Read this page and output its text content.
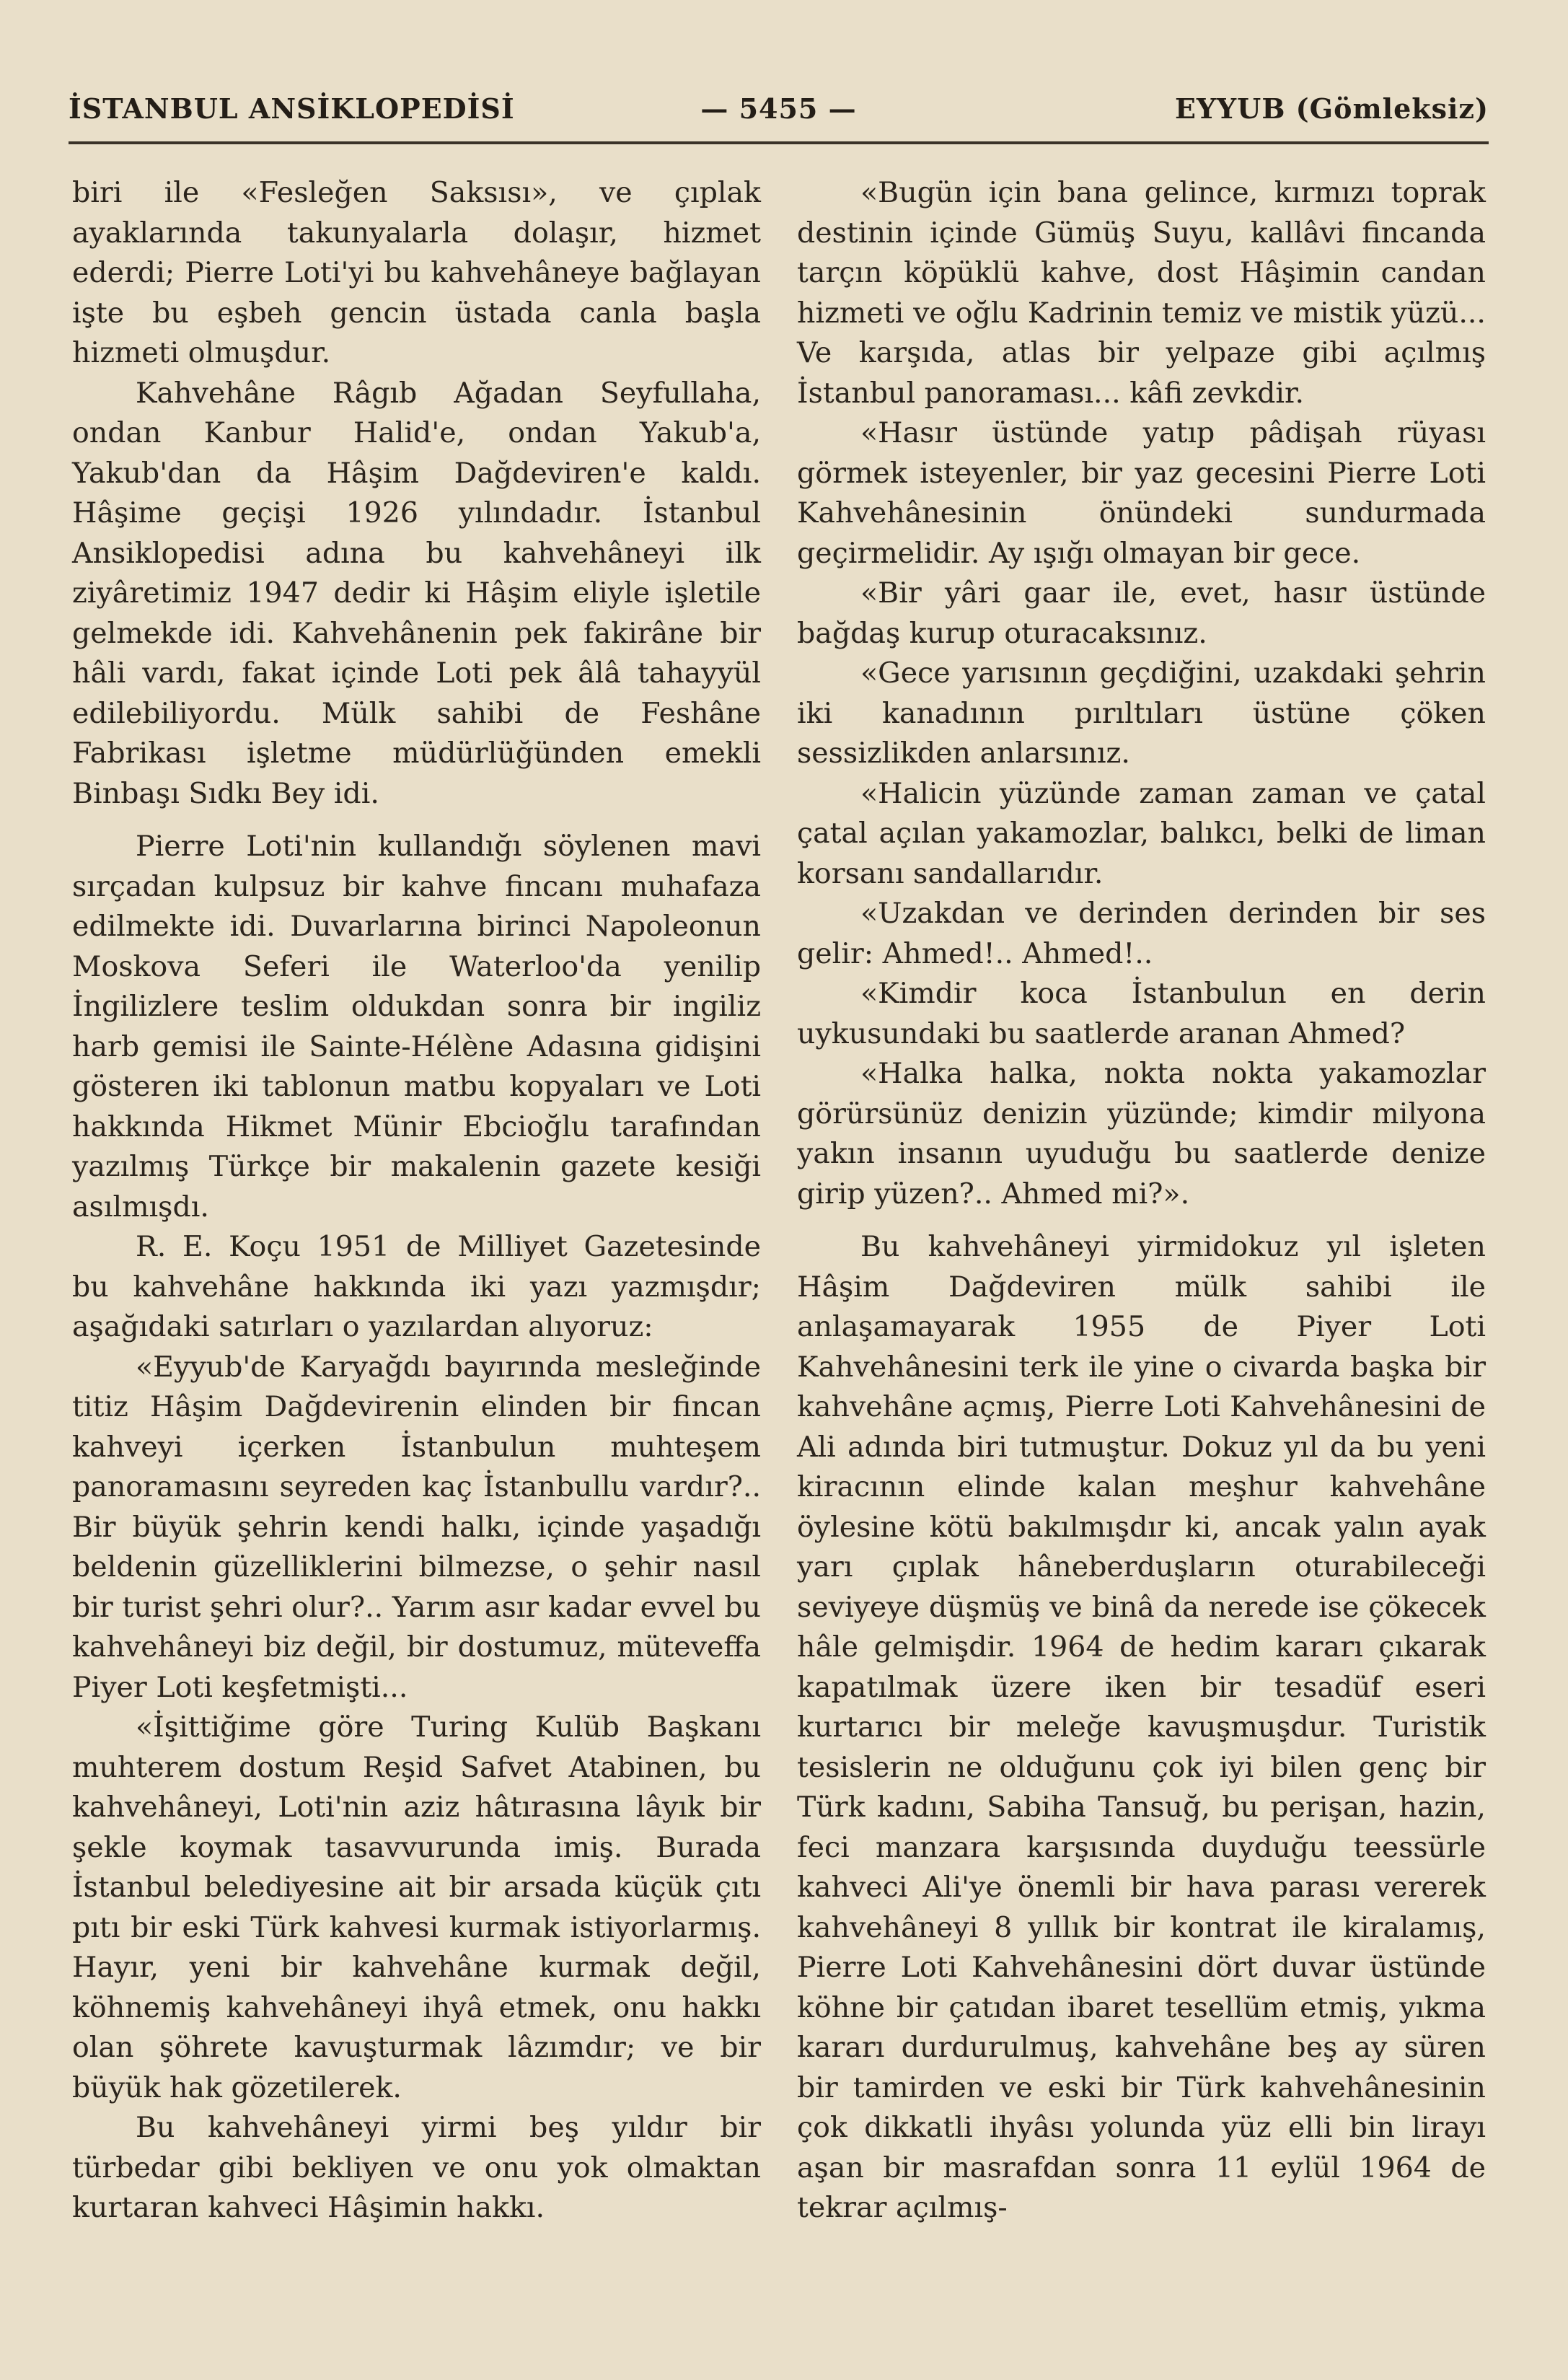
İSTANBUL ANSİKLOPEDİSİ	— 5455 —	EYYUB (Gömleksiz)

biri ile «Fesleğen Saksısı», ve çıplak ayaklarında takunyalarla dolaşır, hizmet ederdi; Pierre Loti'yi bu kahvehâneye bağlayan işte bu eşbeh gencin üstada canla başla hizmeti olmuşdur.

Kahvehâne Râgıb Ağadan Seyfullaha, ondan Kanbur Halid'e, ondan Yakub'a, Yakub'dan da Hâşim Dağdeviren'e kaldı. Hâşime geçişi 1926 yılındadır. İstanbul Ansiklopedisi adına bu kahvehâneyi ilk ziyâretimiz 1947 dedir ki Hâşim eliyle işletile gelmekde idi. Kahvehânenin pek fakirâne bir hâli vardı, fakat içinde Loti pek âlâ tahayyül edilebiliyordu. Mülk sahibi de Feshâne Fabrikası işletme müdürlüğünden emekli Binbaşı Sıdkı Bey idi.

Pierre Loti'nin kullandığı söylenen mavi sırçadan kulpsuz bir kahve fincanı muhafaza edilmekte idi. Duvarlarına birinci Napoleonun Moskova Seferi ile Waterloo'da yenilip İngilizlere teslim oldukdan sonra bir ingiliz harb gemisi ile Sainte-Hélène Adasına gidişini gösteren iki tablonun matbu kopyaları ve Loti hakkında Hikmet Münir Ebcioğlu tarafından yazılmış Türkçe bir makalenin gazete kesiği asılmışdı.

R. E. Koçu 1951 de Milliyet Gazetesinde bu kahvehâne hakkında iki yazı yazmışdır; aşağıdaki satırları o yazılardan alıyoruz:

«Eyyub'de Karyağdı bayırında mesleğinde titiz Hâşim Dağdevirenin elinden bir fincan kahveyi içerken İstanbulun muhteşem panoramasını seyreden kaç İstanbullu vardır?.. Bir büyük şehrin kendi halkı, içinde yaşadığı beldenin güzelliklerini bilmezse, o şehir nasıl bir turist şehri olur?.. Yarım asır kadar evvel bu kahvehâneyi biz değil, bir dostumuz, müteveffa Piyer Loti keşfetmişti...

«İşittiğime göre Turing Kulüb Başkanı muhterem dostum Reşid Safvet Atabinen, bu kahvehâneyi, Loti'nin aziz hâtırasına lâyık bir şekle koymak tasavvurunda imiş. Burada İstanbul belediyesine ait bir arsada küçük çıtı pıtı bir eski Türk kahvesi kurmak istiyorlarmış. Hayır, yeni bir kahvehâne kurmak değil, köhnemiş kahvehâneyi ihyâ etmek, onu hakkı olan şöhrete kavuşturmak lâzımdır; ve bir büyük hak gözetilerek.

Bu kahvehâneyi yirmi beş yıldır bir türbedar gibi bekliyen ve onu yok olmaktan kurtaran kahveci Hâşimin hakkı.

«Bugün için bana gelince, kırmızı toprak destinin içinde Gümüş Suyu, kallâvi fincanda tarçın köpüklü kahve, dost Hâşimin candan hizmeti ve oğlu Kadrinin temiz ve mistik yüzü... Ve karşıda, atlas bir yelpaze gibi açılmış İstanbul panoraması... kâfi zevkdir.

«Hasır üstünde yatıp pâdişah rüyası görmek isteyenler, bir yaz gecesini Pierre Loti Kahvehânesinin önündeki sundurmada geçirmelidir. Ay ışığı olmayan bir gece.

«Bir yâri gaar ile, evet, hasır üstünde bağdaş kurup oturacaksınız.

«Gece yarısının geçdiğini, uzakdaki şehrin iki kanadının pırıltıları üstüne çöken sessizlikden anlarsınız.

«Halicin yüzünde zaman zaman ve çatal çatal açılan yakamozlar, balıkcı, belki de liman korsanı sandallarıdır.

«Uzakdan ve derinden derinden bir ses gelir: Ahmed!.. Ahmed!..

«Kimdir koca İstanbulun en derin uykusundaki bu saatlerde aranan Ahmed?

«Halka halka, nokta nokta yakamozlar görürsünüz denizin yüzünde; kimdir milyona yakın insanın uyuduğu bu saatlerde denize girip yüzen?.. Ahmed mi?».

Bu kahvehâneyi yirmidokuz yıl işleten Hâşim Dağdeviren mülk sahibi ile anlaşamayarak 1955 de Piyer Loti Kahvehânesini terk ile yine o civarda başka bir kahvehâne açmış, Pierre Loti Kahvehânesini de Ali adında biri tutmuştur. Dokuz yıl da bu yeni kiracının elinde kalan meşhur kahvehâne öylesine kötü bakılmışdır ki, ancak yalın ayak yarı çıplak hâneberduşların oturabileceği seviyeye düşmüş ve binâ da nerede ise çökecek hâle gelmişdir. 1964 de hedim kararı çıkarak kapatılmak üzere iken bir tesadüf eseri kurtarıcı bir meleğe kavuşmuşdur. Turistik tesislerin ne olduğunu çok iyi bilen genç bir Türk kadını, Sabiha Tansuğ, bu perişan, hazin, feci manzara karşısında duyduğu teessürle kahveci Ali'ye önemli bir hava parası vererek kahvehâneyi 8 yıllık bir kontrat ile kiralamış, Pierre Loti Kahvehânesini dört duvar üstünde köhne bir çatıdan ibaret tesellüm etmiş, yıkma kararı durdurulmuş, kahvehâne beş ay süren bir tamirden ve eski bir Türk kahvehânesinin çok dikkatli ihyâsı yolunda yüz elli bin lirayı aşan bir masrafdan sonra 11 eylül 1964 de tekrar açılmış-
